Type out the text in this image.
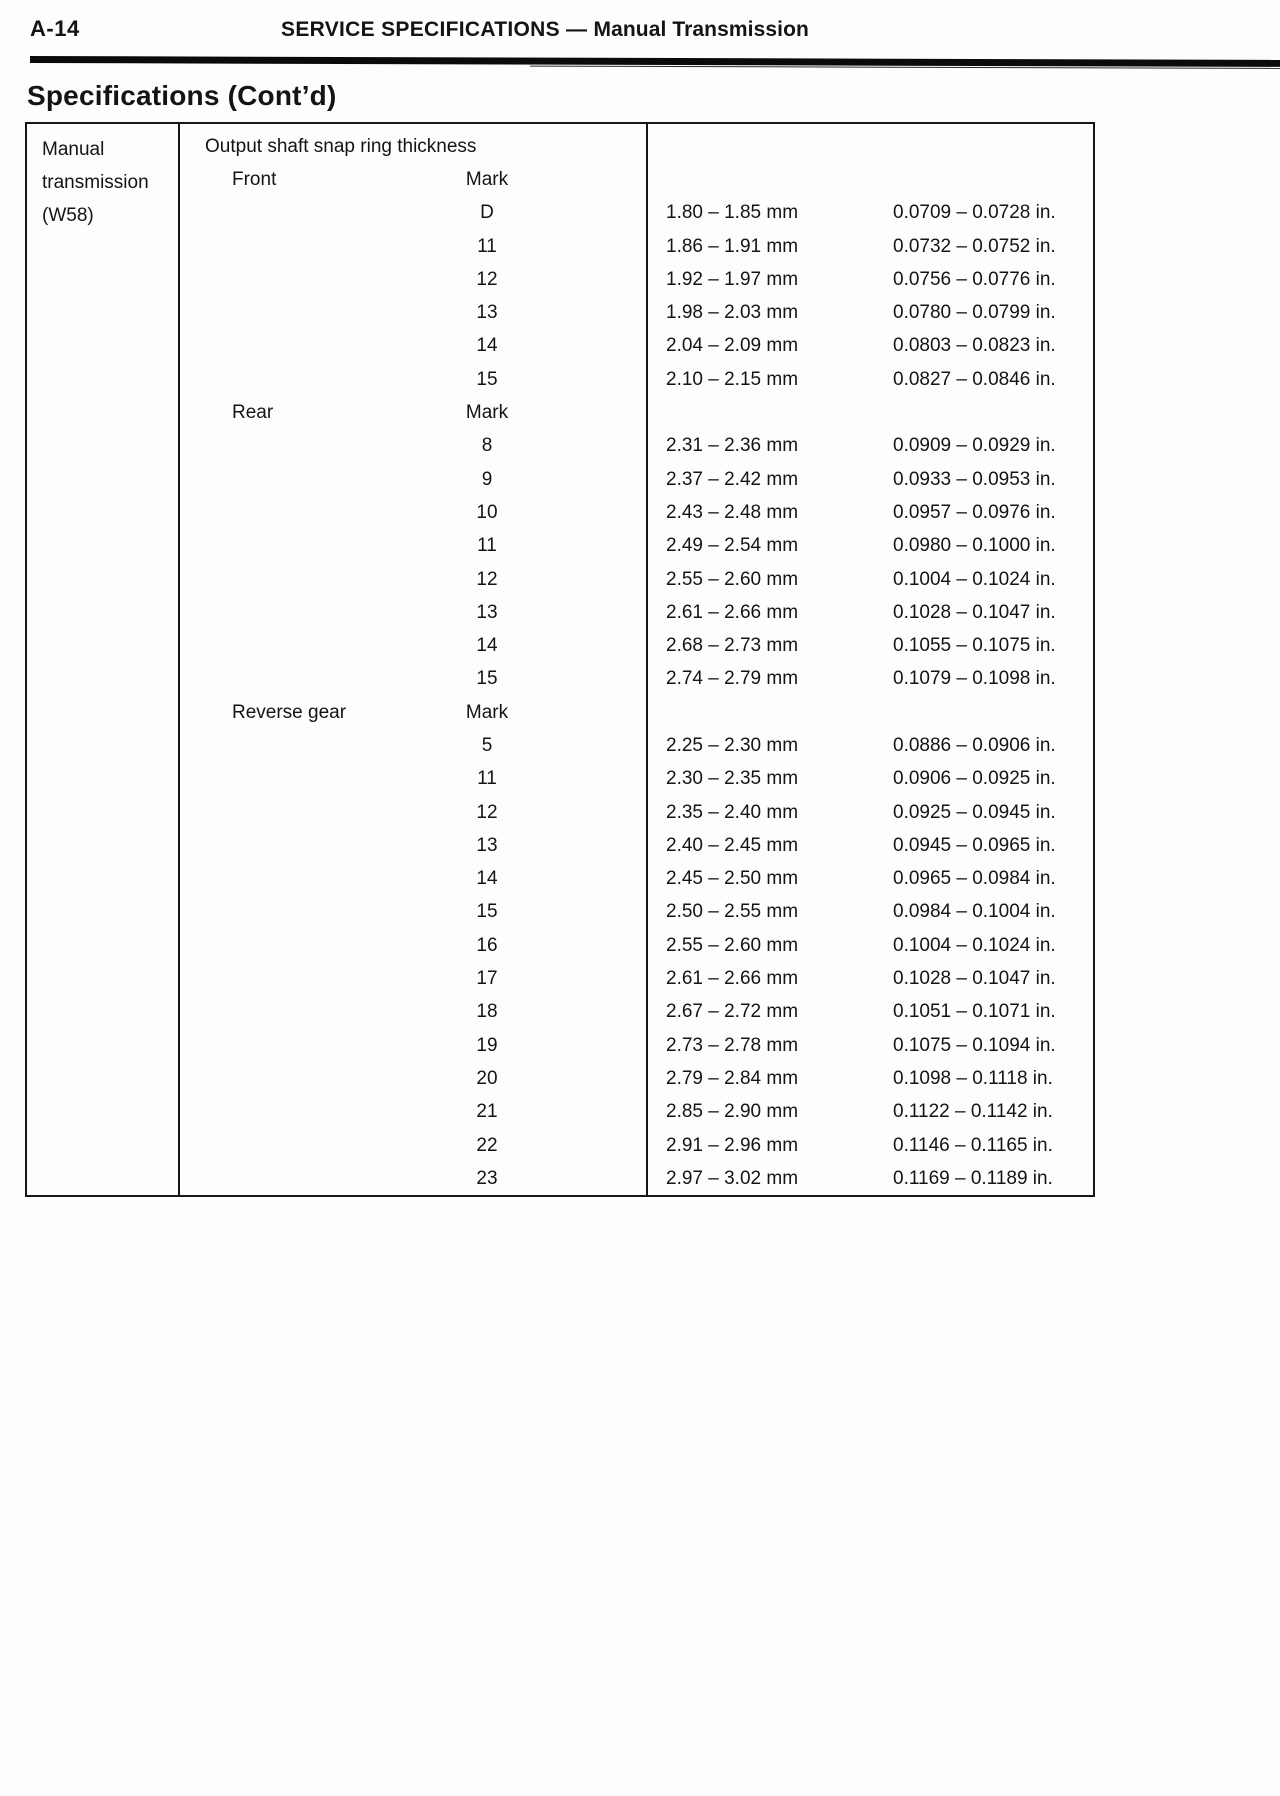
A-14	SERVICE SPECIFICATIONS — Manual Transmission
Specifications (Cont’d)
Manual transmission (W58)
Output shaft snap ring thickness
Front	Mark
D	1.80 – 1.85 mm	0.0709 – 0.0728 in.
11	1.86 – 1.91 mm	0.0732 – 0.0752 in.
12	1.92 – 1.97 mm	0.0756 – 0.0776 in.
13	1.98 – 2.03 mm	0.0780 – 0.0799 in.
14	2.04 – 2.09 mm	0.0803 – 0.0823 in.
15	2.10 – 2.15 mm	0.0827 – 0.0846 in.
Rear	Mark
8	2.31 – 2.36 mm	0.0909 – 0.0929 in.
9	2.37 – 2.42 mm	0.0933 – 0.0953 in.
10	2.43 – 2.48 mm	0.0957 – 0.0976 in.
11	2.49 – 2.54 mm	0.0980 – 0.1000 in.
12	2.55 – 2.60 mm	0.1004 – 0.1024 in.
13	2.61 – 2.66 mm	0.1028 – 0.1047 in.
14	2.68 – 2.73 mm	0.1055 – 0.1075 in.
15	2.74 – 2.79 mm	0.1079 – 0.1098 in.
Reverse gear	Mark
5	2.25 – 2.30 mm	0.0886 – 0.0906 in.
11	2.30 – 2.35 mm	0.0906 – 0.0925 in.
12	2.35 – 2.40 mm	0.0925 – 0.0945 in.
13	2.40 – 2.45 mm	0.0945 – 0.0965 in.
14	2.45 – 2.50 mm	0.0965 – 0.0984 in.
15	2.50 – 2.55 mm	0.0984 – 0.1004 in.
16	2.55 – 2.60 mm	0.1004 – 0.1024 in.
17	2.61 – 2.66 mm	0.1028 – 0.1047 in.
18	2.67 – 2.72 mm	0.1051 – 0.1071 in.
19	2.73 – 2.78 mm	0.1075 – 0.1094 in.
20	2.79 – 2.84 mm	0.1098 – 0.1118 in.
21	2.85 – 2.90 mm	0.1122 – 0.1142 in.
22	2.91 – 2.96 mm	0.1146 – 0.1165 in.
23	2.97 – 3.02 mm	0.1169 – 0.1189 in.
